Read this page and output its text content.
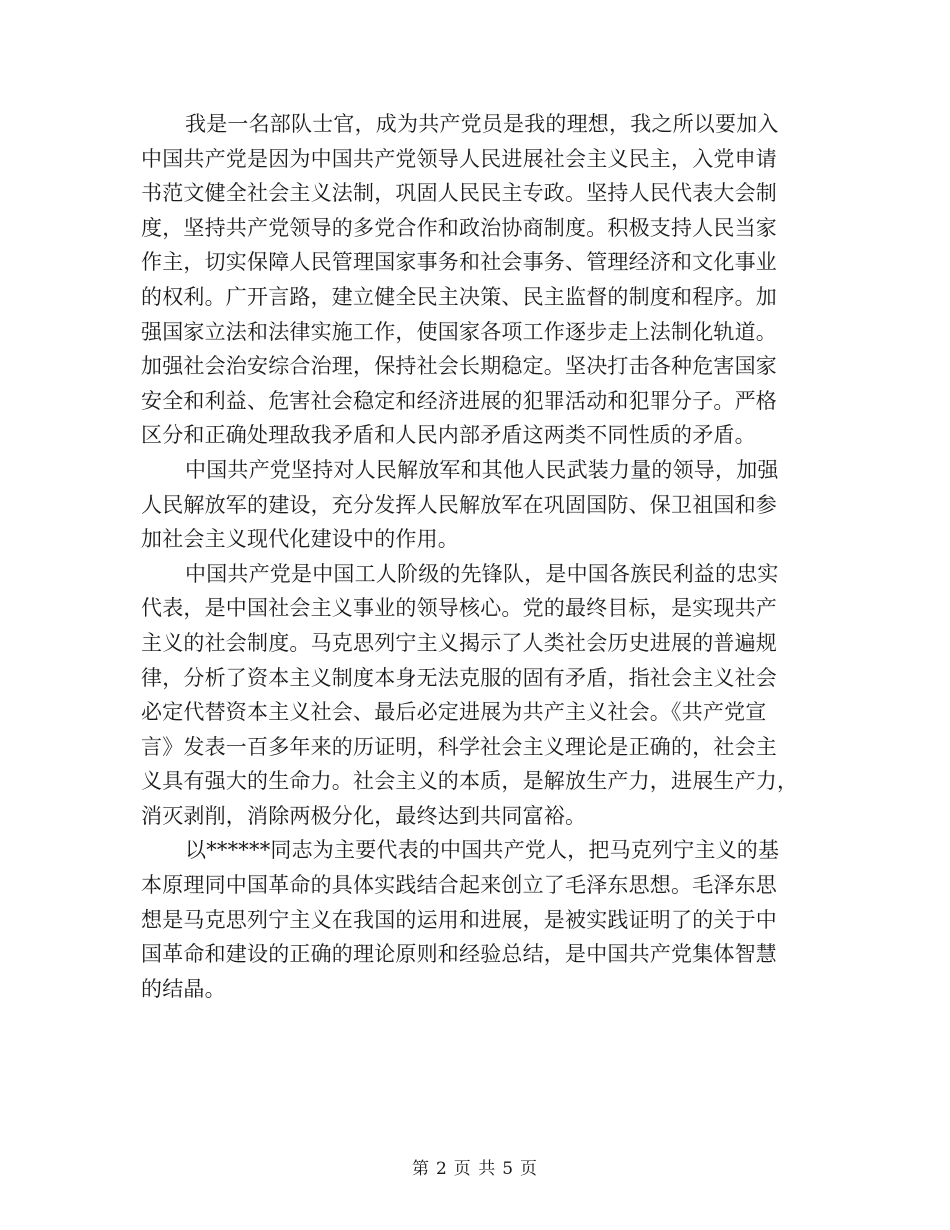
我是一名部队士官，成为共产党员是我的理想，我之所以要加入
中国共产党是因为中国共产党领导人民进展社会主义民主，入党申请
书范文健全社会主义法制，巩固人民民主专政。坚持人民代表大会制
度，坚持共产党领导的多党合作和政治协商制度。积极支持人民当家
作主，切实保障人民管理国家事务和社会事务、管理经济和文化事业
的权利。广开言路，建立健全民主决策、民主监督的制度和程序。加
强国家立法和法律实施工作，使国家各项工作逐步走上法制化轨道。
加强社会治安综合治理，保持社会长期稳定。坚决打击各种危害国家
安全和利益、危害社会稳定和经济进展的犯罪活动和犯罪分子。严格
区分和正确处理敌我矛盾和人民内部矛盾这两类不同性质的矛盾。
中国共产党坚持对人民解放军和其他人民武装力量的领导，加强
人民解放军的建设，充分发挥人民解放军在巩固国防、保卫祖国和参
加社会主义现代化建设中的作用。
中国共产党是中国工人阶级的先锋队，是中国各族民利益的忠实
代表，是中国社会主义事业的领导核心。党的最终目标，是实现共产
主义的社会制度。马克思列宁主义揭示了人类社会历史进展的普遍规
律，分析了资本主义制度本身无法克服的固有矛盾，指社会主义社会
必定代替资本主义社会、最后必定进展为共产主义社会。《共产党宣
言》发表一百多年来的历证明，科学社会主义理论是正确的，社会主
义具有强大的生命力。社会主义的本质，是解放生产力，进展生产力，
消灭剥削，消除两极分化，最终达到共同富裕。
以******同志为主要代表的中国共产党人，把马克列宁主义的基
本原理同中国革命的具体实践结合起来创立了毛泽东思想。毛泽东思
想是马克思列宁主义在我国的运用和进展，是被实践证明了的关于中
国革命和建设的正确的理论原则和经验总结，是中国共产党集体智慧
的结晶。
第 2 页 共 5 页
